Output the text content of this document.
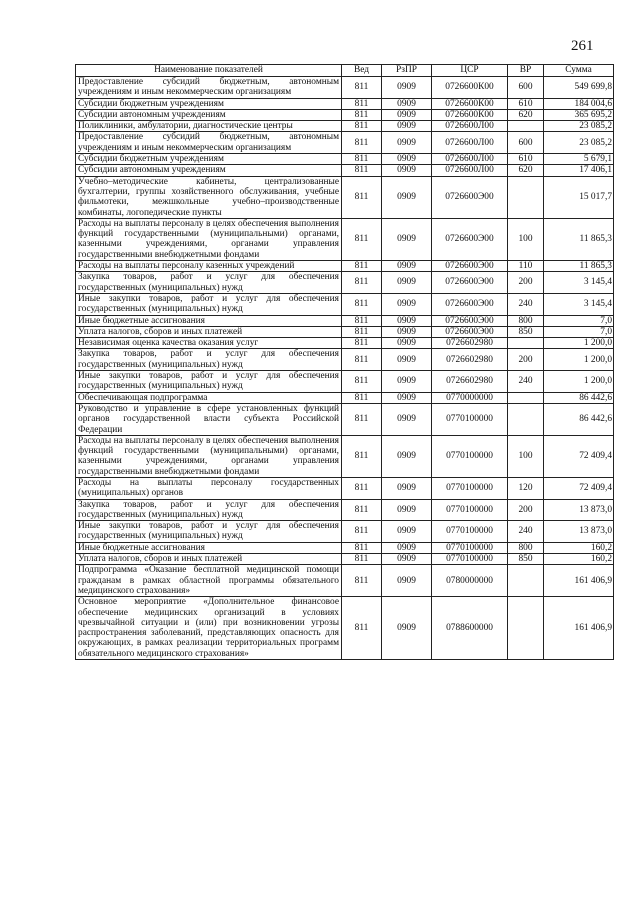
261
Наименование показателей	Вед	РзПР	ЦСР	ВР	Сумма
Предоставление субсидий бюджетным, автономным учреждениям и иным некоммерческим организациям	811	0909	0726600К00	600	549 699,8
Субсидии бюджетным учреждениям	811	0909	0726600К00	610	184 004,6
Субсидии автономным учреждениям	811	0909	0726600К00	620	365 695,2
Поликлиники, амбулатории, диагностические центры	811	0909	0726600Л00		23 085,2
Предоставление субсидий бюджетным, автономным учреждениям и иным некоммерческим организациям	811	0909	0726600Л00	600	23 085,2
Субсидии бюджетным учреждениям	811	0909	0726600Л00	610	5 679,1
Субсидии автономным учреждениям	811	0909	0726600Л00	620	17 406,1
Учебно–методические кабинеты, централизованные бухгалтерии, группы хозяйственного обслуживания, учебные фильмотеки, межшкольные учебно–производственные комбинаты, логопедические пункты	811	0909	0726600Э00		15 017,7
Расходы на выплаты персоналу в целях обеспечения выполнения функций государственными (муниципальными) органами, казенными учреждениями, органами управления государственными внебюджетными фондами	811	0909	0726600Э00	100	11 865,3
Расходы на выплаты персоналу казенных учреждений	811	0909	0726600Э00	110	11 865,3
Закупка товаров, работ и услуг для обеспечения государственных (муниципальных) нужд	811	0909	0726600Э00	200	3 145,4
Иные закупки товаров, работ и услуг для обеспечения государственных (муниципальных) нужд	811	0909	0726600Э00	240	3 145,4
Иные бюджетные ассигнования	811	0909	0726600Э00	800	7,0
Уплата налогов, сборов и иных платежей	811	0909	0726600Э00	850	7,0
Независимая оценка качества оказания услуг	811	0909	0726602980		1 200,0
Закупка товаров, работ и услуг для обеспечения государственных (муниципальных) нужд	811	0909	0726602980	200	1 200,0
Иные закупки товаров, работ и услуг для обеспечения государственных (муниципальных) нужд	811	0909	0726602980	240	1 200,0
Обеспечивающая подпрограмма	811	0909	0770000000		86 442,6
Руководство и управление в сфере установленных функций органов государственной власти субъекта Российской Федерации	811	0909	0770100000		86 442,6
Расходы на выплаты персоналу в целях обеспечения выполнения функций государственными (муниципальными) органами, казенными учреждениями, органами управления государственными внебюджетными фондами	811	0909	0770100000	100	72 409,4
Расходы на выплаты персоналу государственных (муниципальных) органов	811	0909	0770100000	120	72 409,4
Закупка товаров, работ и услуг для обеспечения государственных (муниципальных) нужд	811	0909	0770100000	200	13 873,0
Иные закупки товаров, работ и услуг для обеспечения государственных (муниципальных) нужд	811	0909	0770100000	240	13 873,0
Иные бюджетные ассигнования	811	0909	0770100000	800	160,2
Уплата налогов, сборов и иных платежей	811	0909	0770100000	850	160,2
Подпрограмма «Оказание бесплатной медицинской помощи гражданам в рамках областной программы обязательного медицинского страхования»	811	0909	0780000000		161 406,9
Основное мероприятие «Дополнительное финансовое обеспечение медицинских организаций в условиях чрезвычайной ситуации и (или) при возникновении угрозы распространения заболеваний, представляющих опасность для окружающих, в рамках реализации территориальных программ обязательного медицинского страхования»	811	0909	0788600000		161 406,9
